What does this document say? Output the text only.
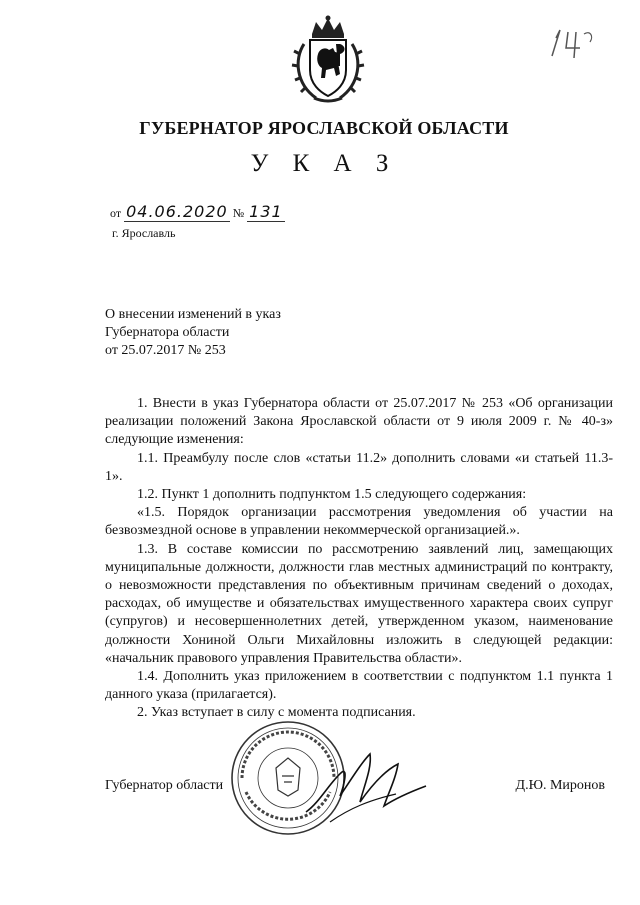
ГУБЕРНАТОР ЯРОСЛАВСКОЙ ОБЛАСТИ
У К А З
от 04.06.2020 № 131
г. Ярославль
О внесении изменений в указ
Губернатора области
от 25.07.2017 № 253

1. Внести в указ Губернатора области от 25.07.2017 № 253 «Об организации реализации положений Закона Ярославской области от 9 июля 2009 г. № 40-з» следующие изменения:

1.1. Преамбулу после слов «статьи 11.2» дополнить словами «и статьей 11.3-1».

1.2. Пункт 1 дополнить подпунктом 1.5 следующего содержания:

«1.5. Порядок организации рассмотрения уведомления об участии на безвозмездной основе в управлении некоммерческой организацией.».

1.3. В составе комиссии по рассмотрению заявлений лиц, замещающих муниципальные должности, должности глав местных администраций по контракту, о невозможности представления по объективным причинам сведений о доходах, расходах, об имуществе и обязательствах имущественного характера своих супруг (супругов) и несовершеннолетних детей, утвержденном указом, наименование должности Хониной Ольги Михайловны изложить в следующей редакции: «начальник правового управления Правительства области».

1.4. Дополнить указ приложением в соответствии с подпунктом 1.1 пункта 1 данного указа (прилагается).

2. Указ вступает в силу с момента подписания.

Губернатор области	Д.Ю. Миронов
